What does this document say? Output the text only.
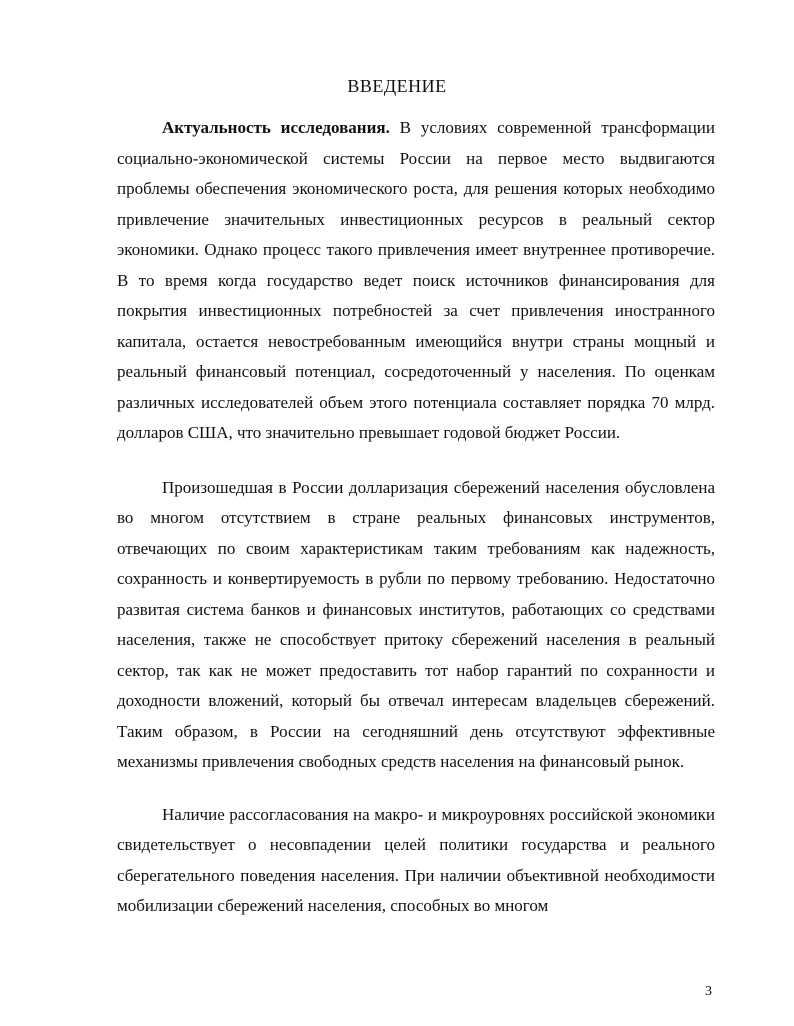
ВВЕДЕНИЕ

Актуальность исследования. В условиях современной трансформации социально-экономической системы России на первое место выдвигаются проблемы обеспечения экономического роста, для решения которых необходимо привлечение значительных инвестиционных ресурсов в реальный сектор экономики. Однако процесс такого привлечения имеет внутреннее противоречие. В то время когда государство ведет поиск источников финансирования для покрытия инвестиционных потребностей за счет привлечения иностранного капитала, остается невостребованным имеющийся внутри страны мощный и реальный финансовый потенциал, сосредоточенный у населения. По оценкам различных исследователей объем этого потенциала составляет порядка 70 млрд. долларов США, что значительно превышает годовой бюджет России.

Произошедшая в России долларизация сбережений населения обусловлена во многом отсутствием в стране реальных финансовых инструментов, отвечающих по своим характеристикам таким требованиям как надежность, сохранность и конвертируемость в рубли по первому требованию. Недостаточно развитая система банков и финансовых институтов, работающих со средствами населения, также не способствует притоку сбережений населения в реальный сектор, так как не может предоставить тот набор гарантий по сохранности и доходности вложений, который бы отвечал интересам владельцев сбережений. Таким образом, в России на сегодняшний день отсутствуют эффективные механизмы привлечения свободных средств населения на финансовый рынок.

Наличие рассогласования на макро- и микроуровнях российской экономики свидетельствует о несовпадении целей политики государства и реального сберегательного поведения населения. При наличии объективной необходимости мобилизации сбережений населения, способных во многом

3
